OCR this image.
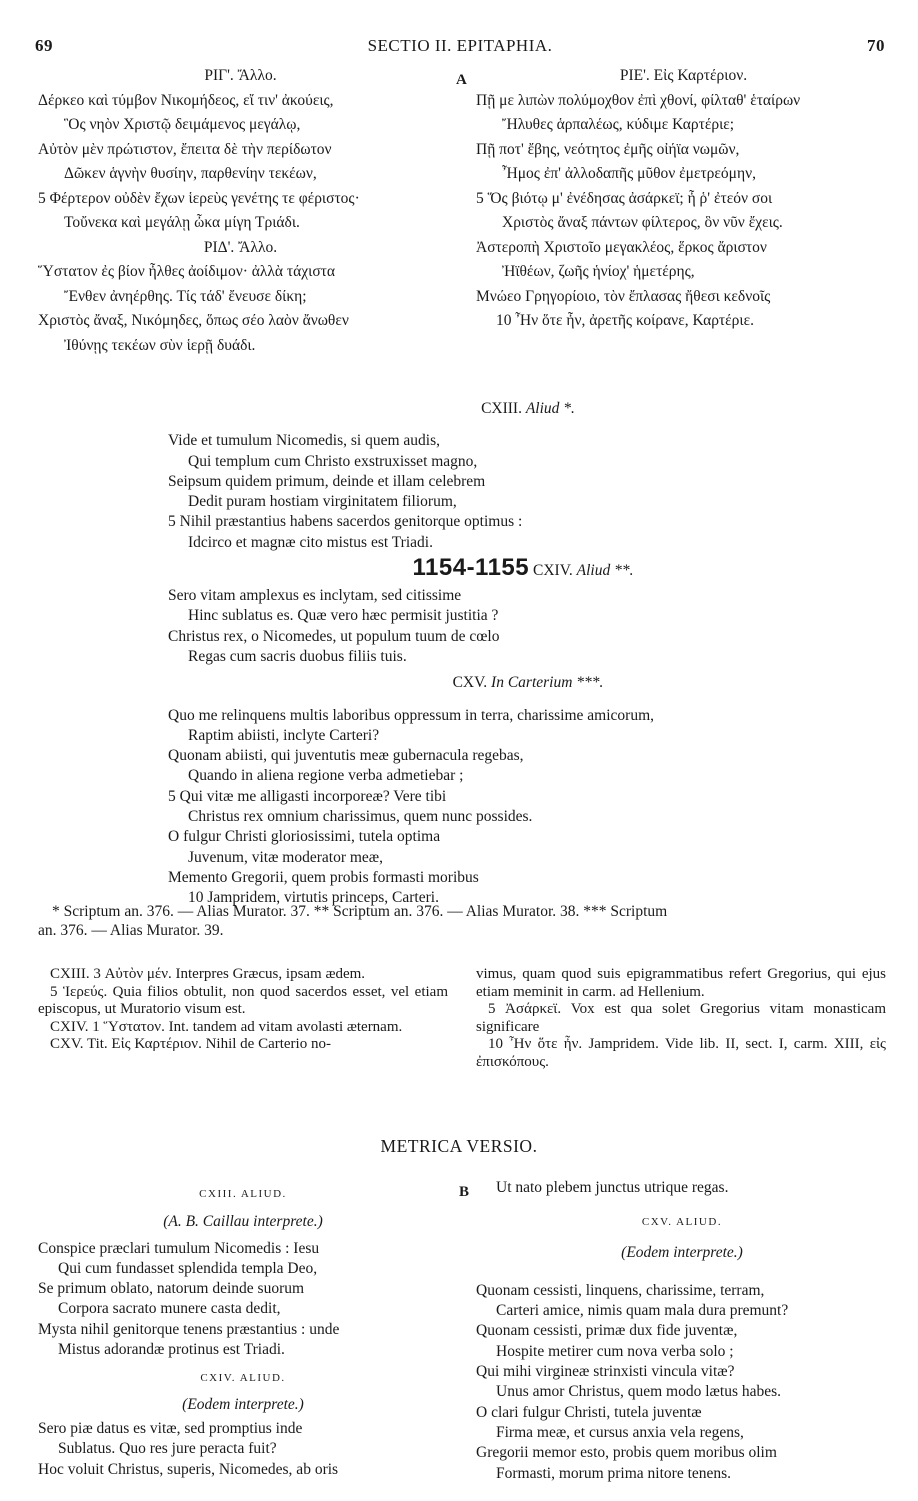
69	SECTIO II. EPITAPHIA.	70
A
B
ΡΙΓ'. Ἄλλο.
Δέρκεο καὶ τύμβον Νικομήδεος, εἴ τιν' ἀκούεις,
Ὃς νηὸν Χριστῷ δειμάμενος μεγάλῳ,
Αὐτὸν μὲν πρώτιστον, ἔπειτα δὲ τὴν περίδωτον
Δῶκεν ἁγνὴν θυσίην, παρθενίην τεκέων,
5 Φέρτερον οὐδὲν ἔχων ἱερεὺς γενέτης τε φέριστος·
Τοὔνεκα καὶ μεγάλῃ ὦκα μίγη Τριάδι.
ΡΙΔ'. Ἄλλο.
Ὕστατον ἐς βίον ἦλθες ἀοίδιμον· ἀλλὰ τάχιστα
Ἔνθεν ἀνηέρθης. Τίς τάδ' ἔνευσε δίκη;
Χριστὸς ἄναξ, Νικόμηδες, ὅπως σέο λαὸν ἄνωθεν
Ἰθύνῃς τεκέων σὺν ἱερῇ δυάδι.
ΡΙΕ'. Εἰς Καρτέριον.
Πῇ με λιπὼν πολύμοχθον ἐπὶ χθονί, φίλταθ' ἑταίρων
Ἤλυθες ἁρπαλέως, κύδιμε Καρτέριε;
Πῇ ποτ' ἔβης, νεότητος ἐμῆς οἰήϊα νωμῶν,
Ἦμος ἐπ' ἀλλοδαπῆς μῦθον ἐμετρεόμην,
5 Ὅς βιότῳ μ' ἐνέδησας ἀσάρκεϊ; ἦ ῥ' ἐτεόν σοι
Χριστὸς ἄναξ πάντων φίλτερος, ὃν νῦν ἔχεις.
Ἀστεροπὴ Χριστοῖο μεγακλέος, ἕρκος ἄριστον
Ἠϊθέων, ζωῆς ἡνίοχ' ἡμετέρης,
Μνώεο Γρηγορίοιο, τὸν ἔπλασας ἤθεσι κεδνοῖς
10 Ἦν ὅτε ἦν, ἀρετῆς κοίρανε, Καρτέριε.
CXIII. Aliud *.
Vide et tumulum Nicomedis, si quem audis,
Qui templum cum Christo exstruxisset magno,
Seipsum quidem primum, deinde et illam celebrem
Dedit puram hostiam virginitatem filiorum,
5 Nihil præstantius habens sacerdos genitorque optimus :
Idcirco et magnæ cito mistus est Triadi.
1154-1155 CXIV. Aliud **.
Sero vitam amplexus es inclytam, sed citissime
Hinc sublatus es. Quæ vero hæc permisit justitia ?
Christus rex, o Nicomedes, ut populum tuum de cœlo
Regas cum sacris duobus filiis tuis.
CXV. In Carterium ***.
Quo me relinquens multis laboribus oppressum in terra, charissime amicorum,
Raptim abiisti, inclyte Carteri?
Quonam abiisti, qui juventutis meæ gubernacula regebas,
Quando in aliena regione verba admetiebar ;
5 Qui vitæ me alligasti incorporeæ? Vere tibi
Christus rex omnium charissimus, quem nunc possides.
O fulgur Christi gloriosissimi, tutela optima
Juvenum, vitæ moderator meæ,
Memento Gregorii, quem probis formasti moribus
10 Jampridem, virtutis princeps, Carteri.
* Scriptum an. 376. — Alias Murator. 37. ** Scriptum an. 376. — Alias Murator. 38. *** Scriptum
an. 376. — Alias Murator. 39.

CXIII. 3 Αὐτὸν μέν. Interpres Græcus, ipsam ædem.

5 Ἱερεύς. Quia filios obtulit, non quod sacerdos esset, vel etiam episcopus, ut Muratorio visum est.

CXIV. 1 Ὕστατον. Int. tandem ad vitam avolasti æternam.

CXV. Tit. Εἰς Καρτέριον. Nihil de Carterio no-

vimus, quam quod suis epigrammatibus refert Gregorius, qui ejus etiam meminit in carm. ad Hellenium.

5 Ἀσάρκεϊ. Vox est qua solet Gregorius vitam monasticam significare

10 Ἦν ὅτε ἦν. Jampridem. Vide lib. II, sect. I, carm. XIII, εἰς ἐπισκόπους.

METRICA VERSIO.
CXIII. ALIUD.
(A. B. Caillau interprete.)
Conspice præclari tumulum Nicomedis : Iesu
Qui cum fundasset splendida templa Deo,
Se primum oblato, natorum deinde suorum
Corpora sacrato munere casta dedit,
Mysta nihil genitorque tenens præstantius : unde
Mistus adorandæ protinus est Triadi.
CXIV. ALIUD.
(Eodem interprete.)
Sero piæ datus es vitæ, sed promptius inde
Sublatus. Quo res jure peracta fuit?
Hoc voluit Christus, superis, Nicomedes, ab oris
Ut nato plebem junctus utrique regas.
CXV. ALIUD.
(Eodem interprete.)
Quonam cessisti, linquens, charissime, terram,
Carteri amice, nimis quam mala dura premunt?
Quonam cessisti, primæ dux fide juventæ,
Hospite metirer cum nova verba solo ;
Qui mihi virgineæ strinxisti vincula vitæ?
Unus amor Christus, quem modo lætus habes.
O clari fulgur Christi, tutela juventæ
Firma meæ, et cursus anxia vela regens,
Gregorii memor esto, probis quem moribus olim
Formasti, morum prima nitore tenens.
